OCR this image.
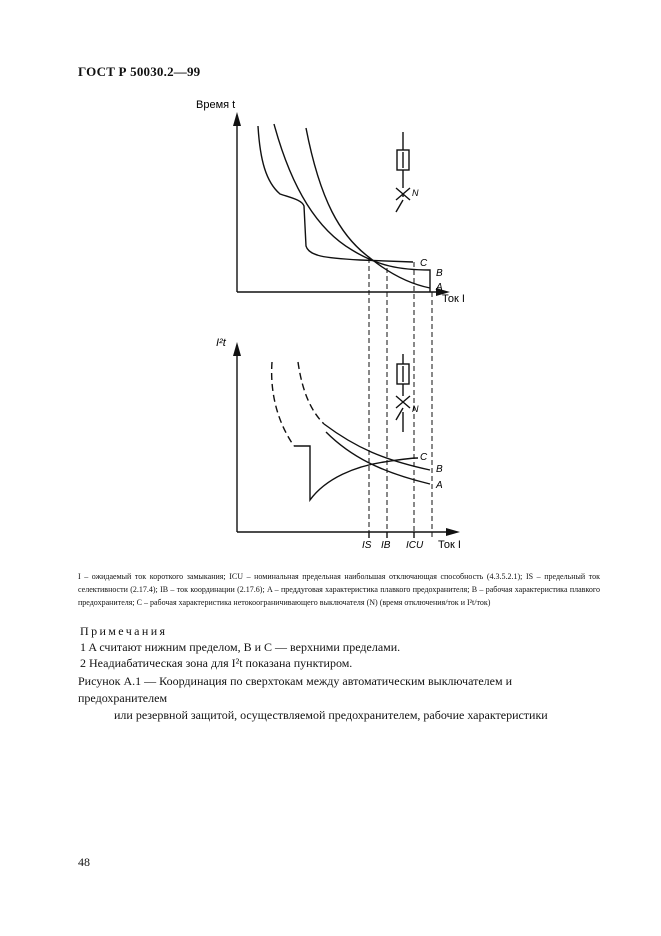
ГОСТ Р 50030.2—99
Время t
Ток I
C
B
A
N
I²t
Ток I
C
B
A
N
IS IB ICU
I – ожидаемый ток короткого замыкания; ICU – номинальная предельная наибольшая отключающая способность (4.3.5.2.1); IS – предельный ток селективности (2.17.4); IB – ток координации (2.17.6); A – преддуговая характеристика плавкого предохранителя; B – рабочая характеристика плавкого предохранителя; C – рабочая характеристика нетокоограничивающего выключателя (N) (время отключения/ток и I²t/ток)
Примечания
1 A считают нижним пределом, B и C — верхними пределами.
2 Неадиабатическая зона для I²t показана пунктиром.
Рисунок А.1 — Координация по сверхтокам между автоматическим выключателем и предохранителем
или резервной защитой, осуществляемой предохранителем, рабочие характеристики
48
